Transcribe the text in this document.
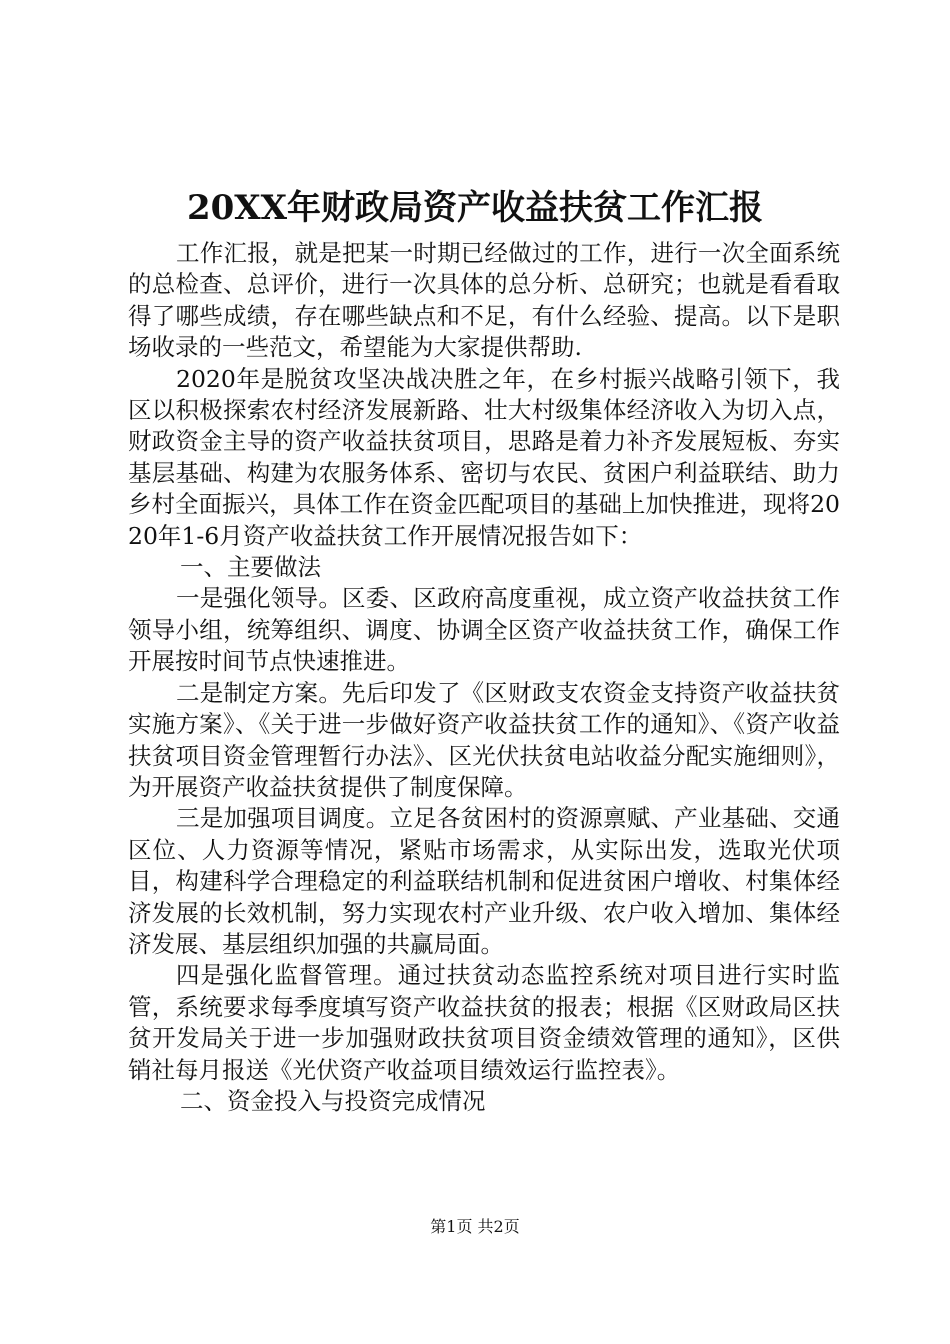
20XX年财政局资产收益扶贫工作汇报

工作汇报，就是把某一时期已经做过的工作，进行一次全面系统的总检查、总评价，进行一次具体的总分析、总研究；也就是看看取得了哪些成绩，存在哪些缺点和不足，有什么经验、提高。以下是职场收录的一些范文，希望能为大家提供帮助.

2020年是脱贫攻坚决战决胜之年，在乡村振兴战略引领下，我区以积极探索农村经济发展新路、壮大村级集体经济收入为切入点，财政资金主导的资产收益扶贫项目，思路是着力补齐发展短板、夯实基层基础、构建为农服务体系、密切与农民、贫困户利益联结、助力乡村全面振兴，具体工作在资金匹配项目的基础上加快推进，现将2020年1-6月资产收益扶贫工作开展情况报告如下：

一、主要做法

一是强化领导。区委、区政府高度重视，成立资产收益扶贫工作领导小组，统筹组织、调度、协调全区资产收益扶贫工作，确保工作开展按时间节点快速推进。

二是制定方案。先后印发了《区财政支农资金支持资产收益扶贫实施方案》、《关于进一步做好资产收益扶贫工作的通知》、《资产收益扶贫项目资金管理暂行办法》、区光伏扶贫电站收益分配实施细则》，为开展资产收益扶贫提供了制度保障。

三是加强项目调度。立足各贫困村的资源禀赋、产业基础、交通区位、人力资源等情况，紧贴市场需求，从实际出发，选取光伏项目，构建科学合理稳定的利益联结机制和促进贫困户增收、村集体经济发展的长效机制，努力实现农村产业升级、农户收入增加、集体经济发展、基层组织加强的共赢局面。

四是强化监督管理。通过扶贫动态监控系统对项目进行实时监管，系统要求每季度填写资产收益扶贫的报表；根据《区财政局区扶贫开发局关于进一步加强财政扶贫项目资金绩效管理的通知》，区供销社每月报送《光伏资产收益项目绩效运行监控表》。

二、资金投入与投资完成情况

第1页 共2页
